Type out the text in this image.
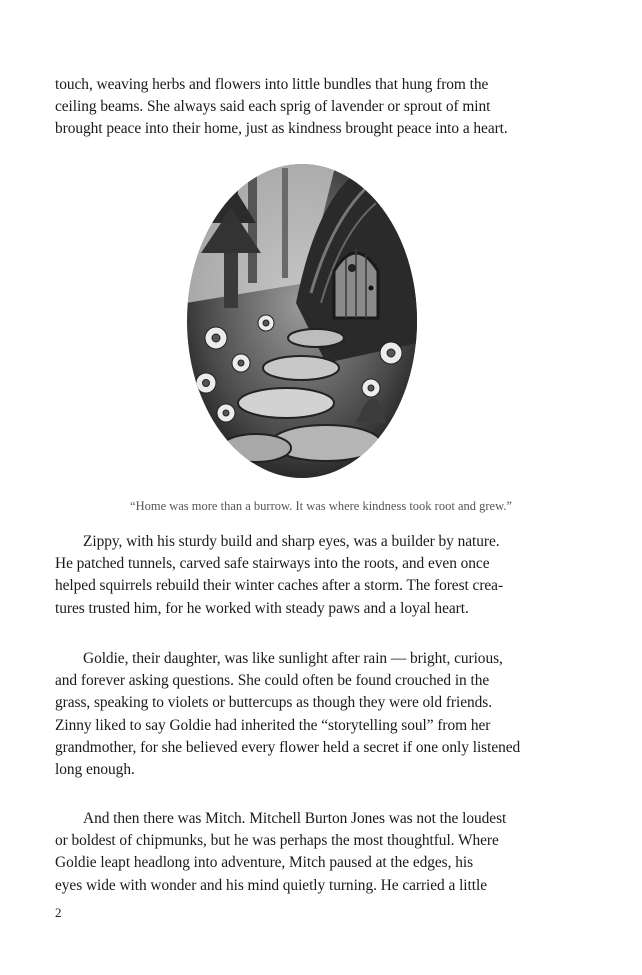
touch, weaving herbs and flowers into little bundles that hung from the
ceiling beams. She always said each sprig of lavender or sprout of mint
brought peace into their home, just as kindness brought peace into a heart.
“Home was more than a burrow. It was where kindness took root and grew.”
Zippy, with his sturdy build and sharp eyes, was a builder by nature.
He patched tunnels, carved safe stairways into the roots, and even once
helped squirrels rebuild their winter caches after a storm. The forest crea-
tures trusted him, for he worked with steady paws and a loyal heart.
Goldie, their daughter, was like sunlight after rain — bright, curious,
and forever asking questions. She could often be found crouched in the
grass, speaking to violets or buttercups as though they were old friends.
Zinny liked to say Goldie had inherited the “storytelling soul” from her
grandmother, for she believed every flower held a secret if one only listened
long enough.
And then there was Mitch. Mitchell Burton Jones was not the loudest
or boldest of chipmunks, but he was perhaps the most thoughtful. Where
Goldie leapt headlong into adventure, Mitch paused at the edges, his
eyes wide with wonder and his mind quietly turning. He carried a little
2
